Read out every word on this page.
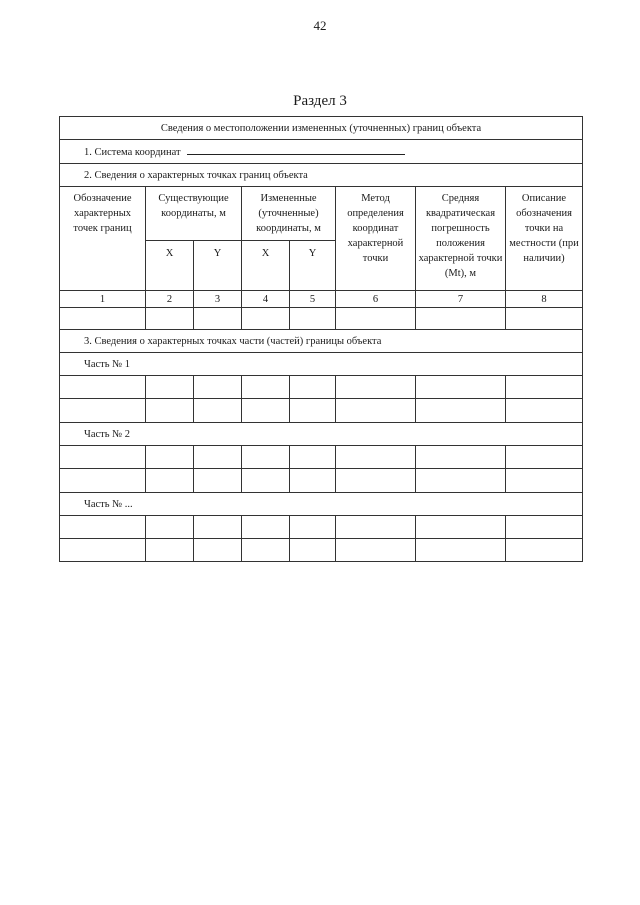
42
Раздел 3
Сведения о местоположении измененных (уточненных) границ объекта							
1. Система координат							
2. Сведения о характерных точках границ объекта							
Обозначение характерных точек границ	Существующие координаты, м		Измененные (уточненные) координаты, м		Метод определения координат характерной точки	Средняя квадратическая погрешность положения характерной точки (Mt), м	Описание обозначения точки на местности (при наличии)
	X	Y	X	Y			
1	2	3	4	5	6	7	8

3. Сведения о характерных точках части (частей) границы объекта							
Часть № 1							

Часть № 2							

Часть № ...							
